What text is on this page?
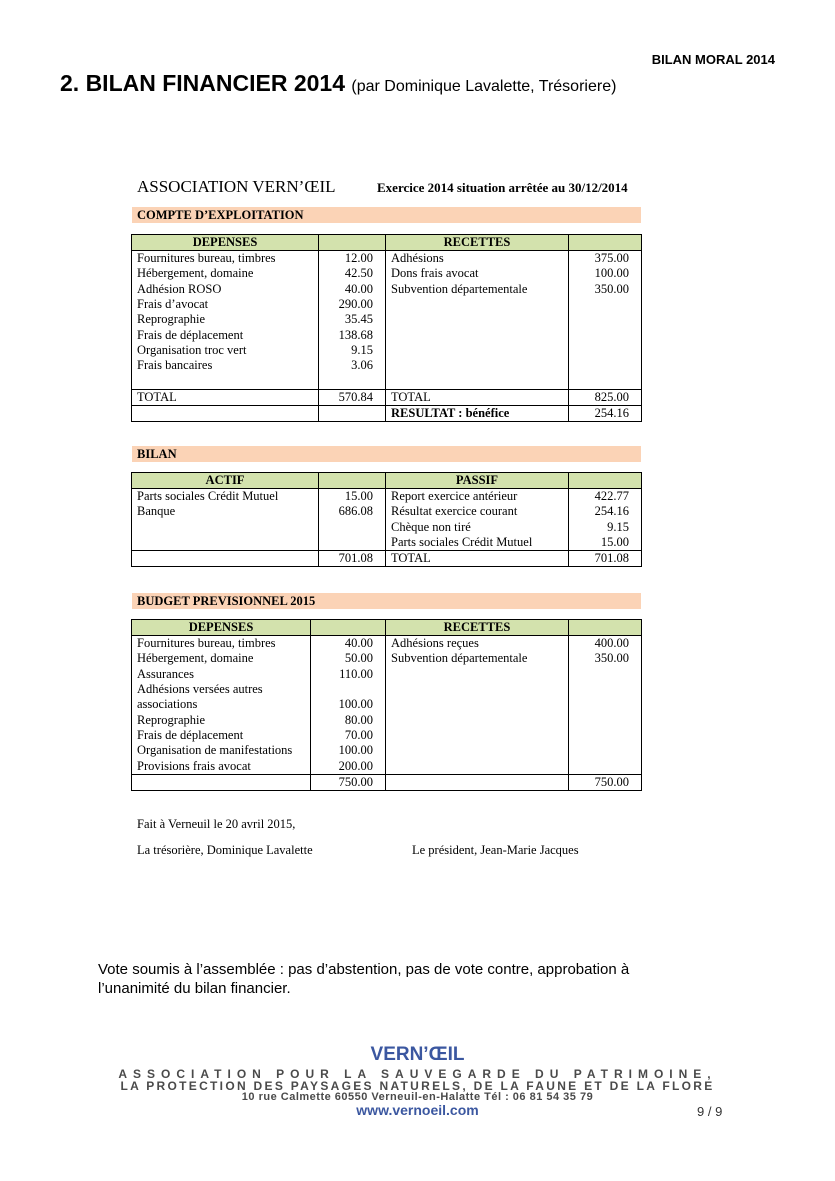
BILAN MORAL 2014
2. BILAN FINANCIER 2014 (par Dominique Lavalette, Trésoriere)
ASSOCIATION VERN’ŒIL	Exercice 2014 situation arrêtée au 30/12/2014
COMPTE D’EXPLOITATION
DEPENSES		RECETTES	
Fournitures bureau, timbres	12.00	Adhésions	375.00
Hébergement, domaine	42.50	Dons frais avocat	100.00
Adhésion ROSO	40.00	Subvention départementale	350.00
Frais d’avocat	290.00		
Reprographie	35.45		
Frais de déplacement	138.68		
Organisation troc vert	9.15		
Frais bancaires	3.06		

TOTAL	570.84	TOTAL	825.00
		RESULTAT : bénéfice	254.16
BILAN
ACTIF		PASSIF	
Parts sociales Crédit Mutuel	15.00	Report exercice antérieur	422.77
Banque	686.08	Résultat exercice courant	254.16
		Chèque non tiré	9.15
		Parts sociales Crédit Mutuel	15.00
	701.08	TOTAL	701.08
BUDGET PREVISIONNEL 2015
DEPENSES		RECETTES	
Fournitures bureau, timbres	40.00	Adhésions reçues	400.00
Hébergement, domaine	50.00	Subvention départementale	350.00
Assurances	110.00		
Adhésions versées autres			
associations	100.00		
Reprographie	80.00		
Frais de déplacement	70.00		
Organisation de manifestations	100.00		
Provisions frais avocat	200.00		
	750.00		750.00
Fait à Verneuil le 20 avril 2015,
La trésorière, Dominique Lavalette	Le président, Jean-Marie Jacques
Vote soumis à l’assemblée : pas d’abstention, pas de vote contre, approbation à l’unanimité du bilan financier.
VERN’ŒIL
ASSOCIATION POUR LA SAUVEGARDE DU PATRIMOINE,
LA PROTECTION DES PAYSAGES NATURELS, DE LA FAUNE ET DE LA FLORE
10 rue Calmette 60550 Verneuil-en-Halatte Tél : 06 81 54 35 79
www.vernoeil.com	9 / 9
